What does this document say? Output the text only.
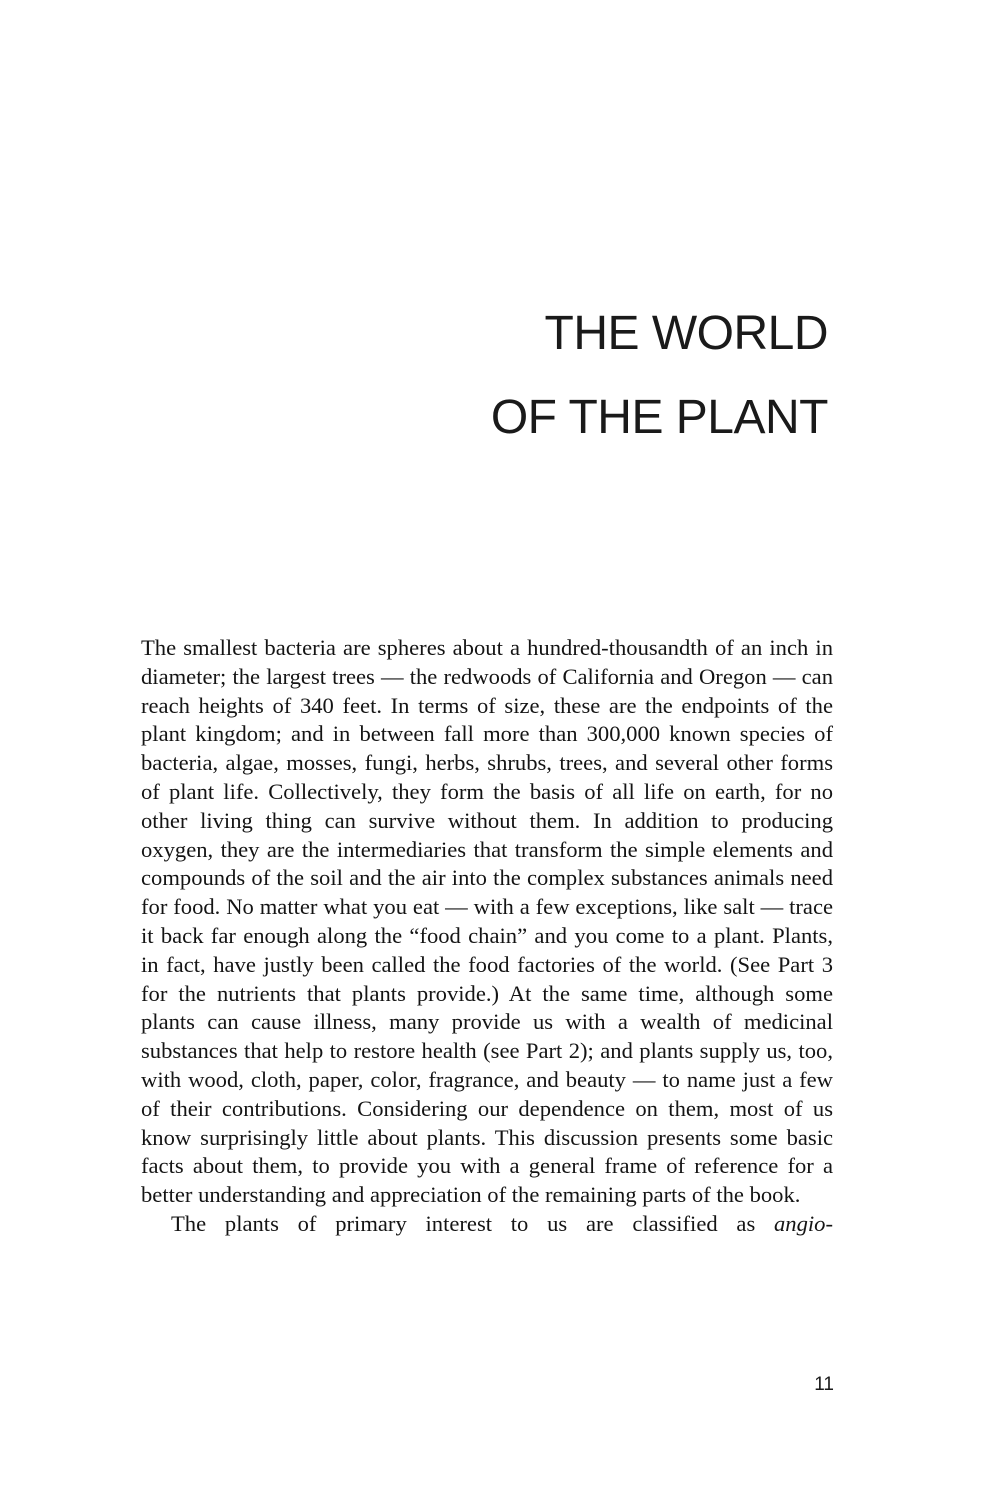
THE WORLD
OF THE PLANT

The smallest bacteria are spheres about a hundred-thousandth of an inch in diameter; the largest trees — the redwoods of California and Oregon — can reach heights of 340 feet. In terms of size, these are the endpoints of the plant kingdom; and in between fall more than 300,000 known species of bacteria, algae, mosses, fungi, herbs, shrubs, trees, and several other forms of plant life. Collectively, they form the basis of all life on earth, for no other living thing can survive without them. In addition to producing oxygen, they are the intermediaries that transform the simple elements and compounds of the soil and the air into the complex substances animals need for food. No matter what you eat — with a few exceptions, like salt — trace it back far enough along the “food chain” and you come to a plant. Plants, in fact, have justly been called the food factories of the world. (See Part 3 for the nutrients that plants provide.) At the same time, although some plants can cause illness, many provide us with a wealth of medicinal substances that help to restore health (see Part 2); and plants supply us, too, with wood, cloth, paper, color, fragrance, and beauty — to name just a few of their contributions. Considering our dependence on them, most of us know surprisingly little about plants. This discussion presents some basic facts about them, to provide you with a general frame of reference for a better understanding and appreciation of the remaining parts of the book.

The plants of primary interest to us are classified as angio-

11
